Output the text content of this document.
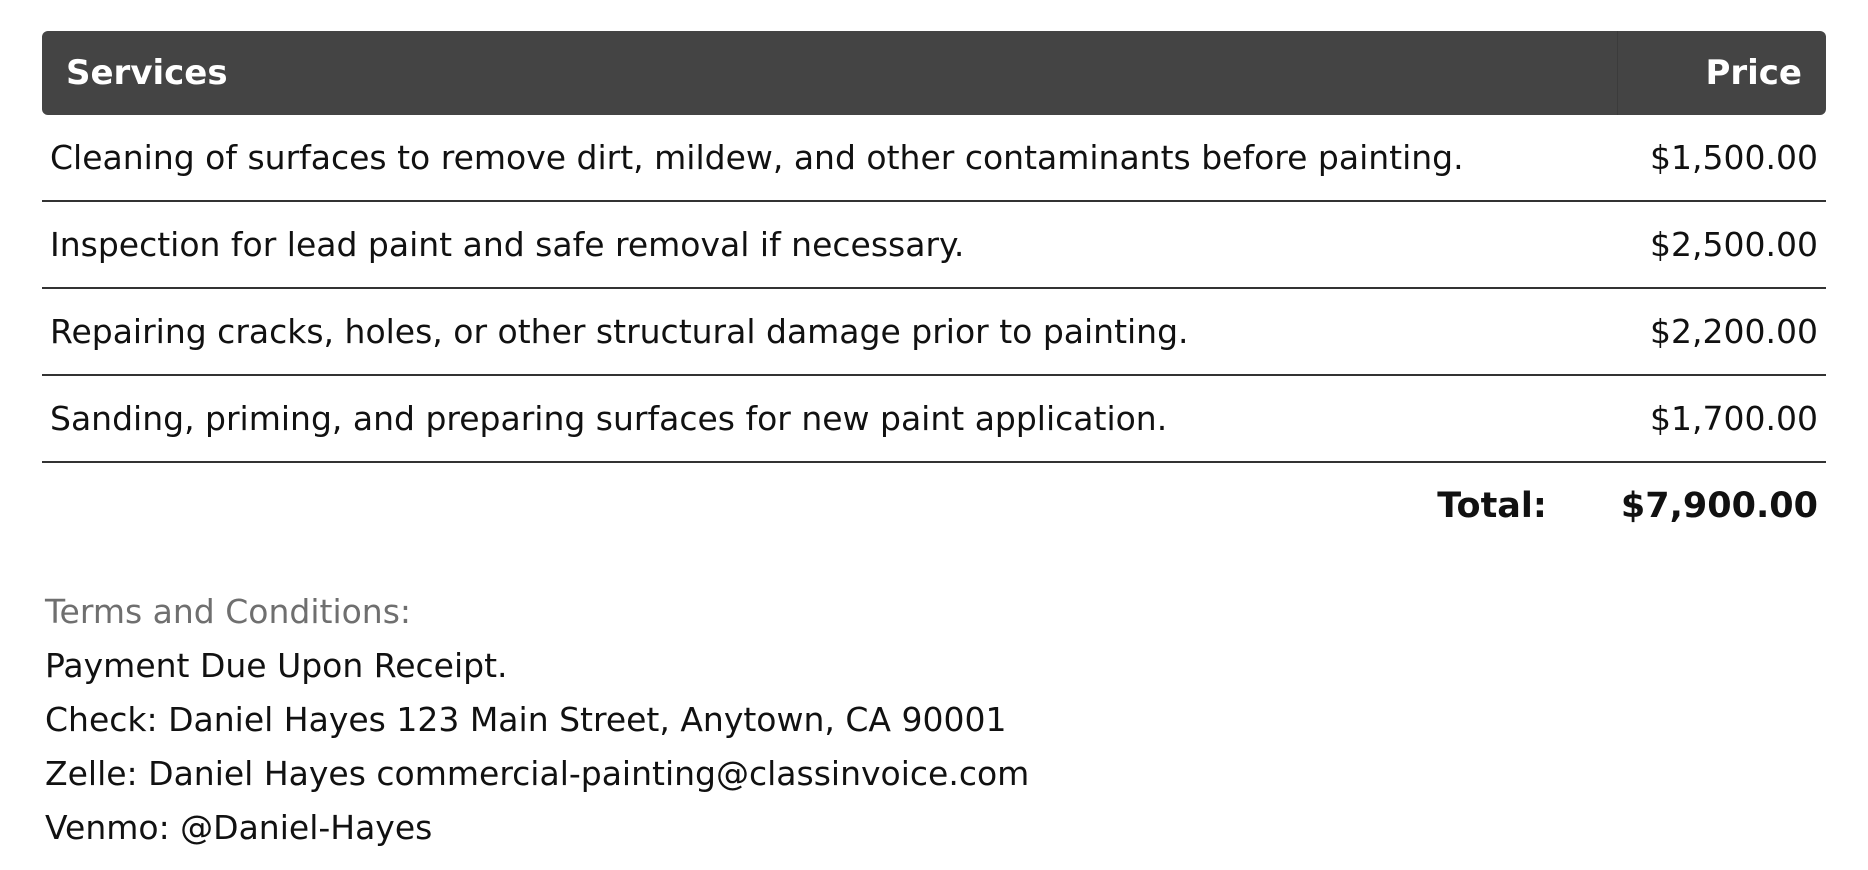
Services	Price
Cleaning of surfaces to remove dirt, mildew, and other contaminants before painting.	$1,500.00
Inspection for lead paint and safe removal if necessary.	$2,500.00
Repairing cracks, holes, or other structural damage prior to painting.	$2,200.00
Sanding, priming, and preparing surfaces for new paint application.	$1,700.00
Total: $7,900.00
Terms and Conditions:
Payment Due Upon Receipt.
Check: Daniel Hayes 123 Main Street, Anytown, CA 90001
Zelle: Daniel Hayes commercial-painting@classinvoice.com
Venmo: @Daniel-Hayes
